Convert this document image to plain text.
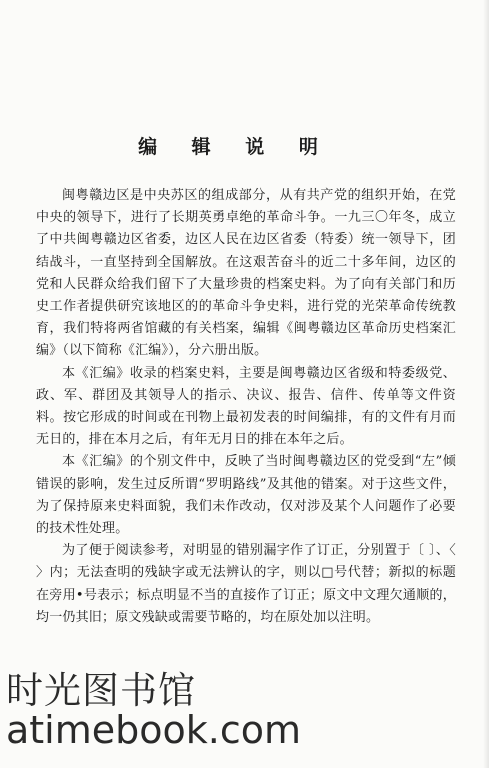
编 辑 说 明

闽粤赣边区是中央苏区的组成部分，从有共产党的组织开始，在党中央的领导下，进行了长期英勇卓绝的革命斗争。一九三〇年冬，成立了中共闽粤赣边区省委，边区人民在边区省委（特委）统一领导下，团结战斗，一直坚持到全国解放。在这艰苦奋斗的近二十多年间，边区的党和人民群众给我们留下了大量珍贵的档案史料。为了向有关部门和历史工作者提供研究该地区的的革命斗争史料，进行党的光荣革命传统教育，我们特将两省馆藏的有关档案，编辑《闽粤赣边区革命历史档案汇编》（以下简称《汇编》），分六册出版。

本《汇编》收录的档案史料，主要是闽粤赣边区省级和特委级党、政、军、群团及其领导人的指示、决议、报告、信件、传单等文件资料。按它形成的时间或在刊物上最初发表的时间编排，有的文件有月而无日的，排在本月之后，有年无月日的排在本年之后。

本《汇编》的个别文件中，反映了当时闽粤赣边区的党受到“左”倾错误的影响，发生过反所谓“罗明路线”及其他的错案。对于这些文件，为了保持原来史料面貌，我们未作改动，仅对涉及某个人问题作了必要的技术性处理。

为了便于阅读参考，对明显的错别漏字作了订正，分别置于〔 〕、〈 〉内；无法查明的残缺字或无法辨认的字，则以□号代替；新拟的标题在旁用•号表示；标点明显不当的直接作了订正；原文中文理欠通顺的，均一仍其旧；原文残缺或需要节略的，均在原处加以注明。

时光图书馆
atimebook.com
